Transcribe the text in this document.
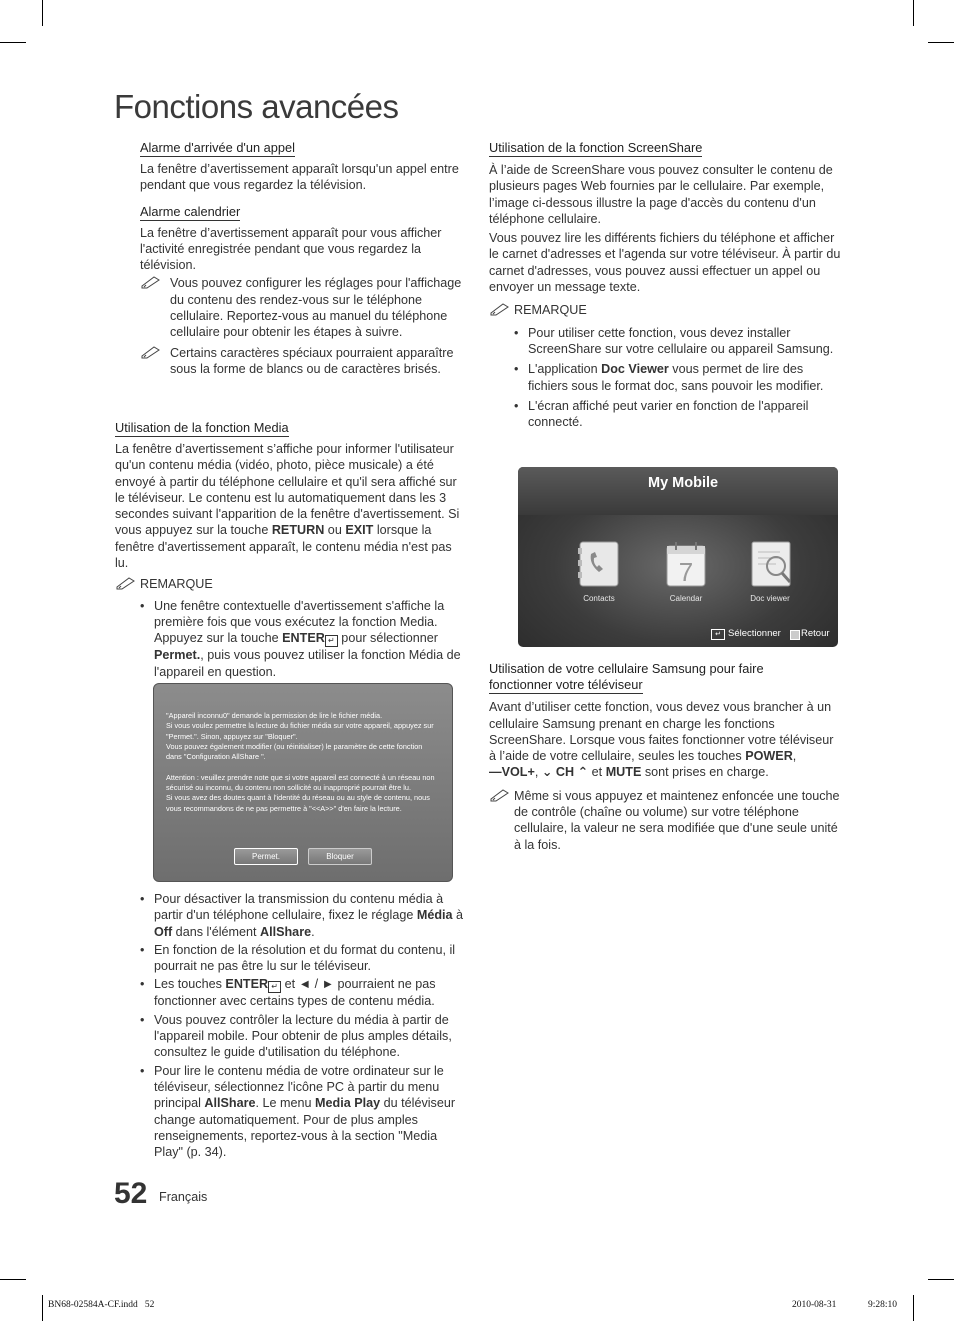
Fonctions avancées
Alarme d'arrivée d'un appel

La fenêtre d’avertissement apparaît lorsqu'un appel entre pendant que vous regardez la télévision.

Alarme calendrier

La fenêtre d’avertissement apparaît pour vous afficher l'activité enregistrée pendant que vous regardez la télévision.

Vous pouvez configurer les réglages pour l'affichage du contenu des rendez-vous sur le téléphone cellulaire. Reportez-vous au manuel du téléphone cellulaire pour obtenir les étapes à suivre.

Certains caractères spéciaux pourraient apparaître sous la forme de blancs ou de caractères brisés.

Utilisation de la fonction Media

La fenêtre d’avertissement s’affiche pour informer l'utilisateur qu'un contenu média (vidéo, photo, pièce musicale) a été envoyé à partir du téléphone cellulaire et qu'il sera affiché sur le téléviseur. Le contenu est lu automatiquement dans les 3 secondes suivant l'apparition de la fenêtre d'avertissement. Si vous appuyez sur la touche RETURN ou EXIT lorsque la fenêtre d'avertissement apparaît, le contenu média n'est pas lu.

REMARQUE
• Une fenêtre contextuelle d'avertissement s'affiche la première fois que vous exécutez la fonction Media. Appuyez sur la touche ENTER ↵ pour sélectionner Permet., puis vous pouvez utiliser la fonction Média de l'appareil en question.
"Appareil inconnu0" demande la permission de lire le fichier média.
Si vous voulez permettre la lecture du fichier média sur votre appareil, appuyez sur "Permet.". Sinon, appuyez sur "Bloquer".
Vous pouvez également modifier (ou réinitialiser) le paramètre de cette fonction dans "Configuration AllShare ".

Attention : veuillez prendre note que si votre appareil est connecté à un réseau non sécurisé ou inconnu, du contenu non sollicité ou inapproprié pourrait être lu.
Si vous avez des doutes quant à l'identité du réseau ou au style de contenu, nous vous recommandons de ne pas permettre à "<<A>>" d'en faire la lecture.
Permet.	Bloquer
• Pour désactiver la transmission du contenu média à partir d'un téléphone cellulaire, fixez le réglage Média à Off dans l'élément AllShare.
• En fonction de la résolution et du format du contenu, il pourrait ne pas être lu sur le téléviseur.
• Les touches ENTER ↵ et ◄ / ► pourraient ne pas fonctionner avec certains types de contenu média.
• Vous pouvez contrôler la lecture du média à partir de l'appareil mobile. Pour obtenir de plus amples détails, consultez le guide d'utilisation du téléphone.
• Pour lire le contenu média de votre ordinateur sur le téléviseur, sélectionnez l'icône PC à partir du menu principal AllShare. Le menu Media Play du téléviseur change automatiquement. Pour de plus amples renseignements, reportez-vous à la section "Media Play" (p. 34).
Utilisation de la fonction ScreenShare

À l’aide de ScreenShare vous pouvez consulter le contenu de plusieurs pages Web fournies par le cellulaire. Par exemple, l’image ci-dessous illustre la page d'accès du contenu d'un téléphone cellulaire.

Vous pouvez lire les différents fichiers du téléphone et afficher le carnet d'adresses et l'agenda sur votre téléviseur. À partir du carnet d'adresses, vous pouvez aussi effectuer un appel ou envoyer un message texte.

REMARQUE
• Pour utiliser cette fonction, vous devez installer ScreenShare sur votre cellulaire ou appareil Samsung.
• L'application Doc Viewer vous permet de lire des fichiers sous le format doc, sans pouvoir les modifier.
• L'écran affiché peut varier en fonction de l'appareil connecté.
My Mobile
Contacts
7
Calendar	Doc viewer
↵ Sélectionner Retour
Utilisation de votre cellulaire Samsung pour faire
fonctionner votre téléviseur

Avant d’utiliser cette fonction, vous devez vous brancher à un cellulaire Samsung prenant en charge les fonctions ScreenShare. Lorsque vous faites fonctionner votre téléviseur à l’aide de votre cellulaire, seules les touches POWER,
—VOL+, ⌄ CH ⌃ et MUTE sont prises en charge.

Même si vous appuyez et maintenez enfoncée une touche de contrôle (chaîne ou volume) sur votre téléphone cellulaire, la valeur ne sera modifiée que d'une seule unité à la fois.

52 Français
BN68-02584A-CF.indd   52	2010-08-31	9:28:10
